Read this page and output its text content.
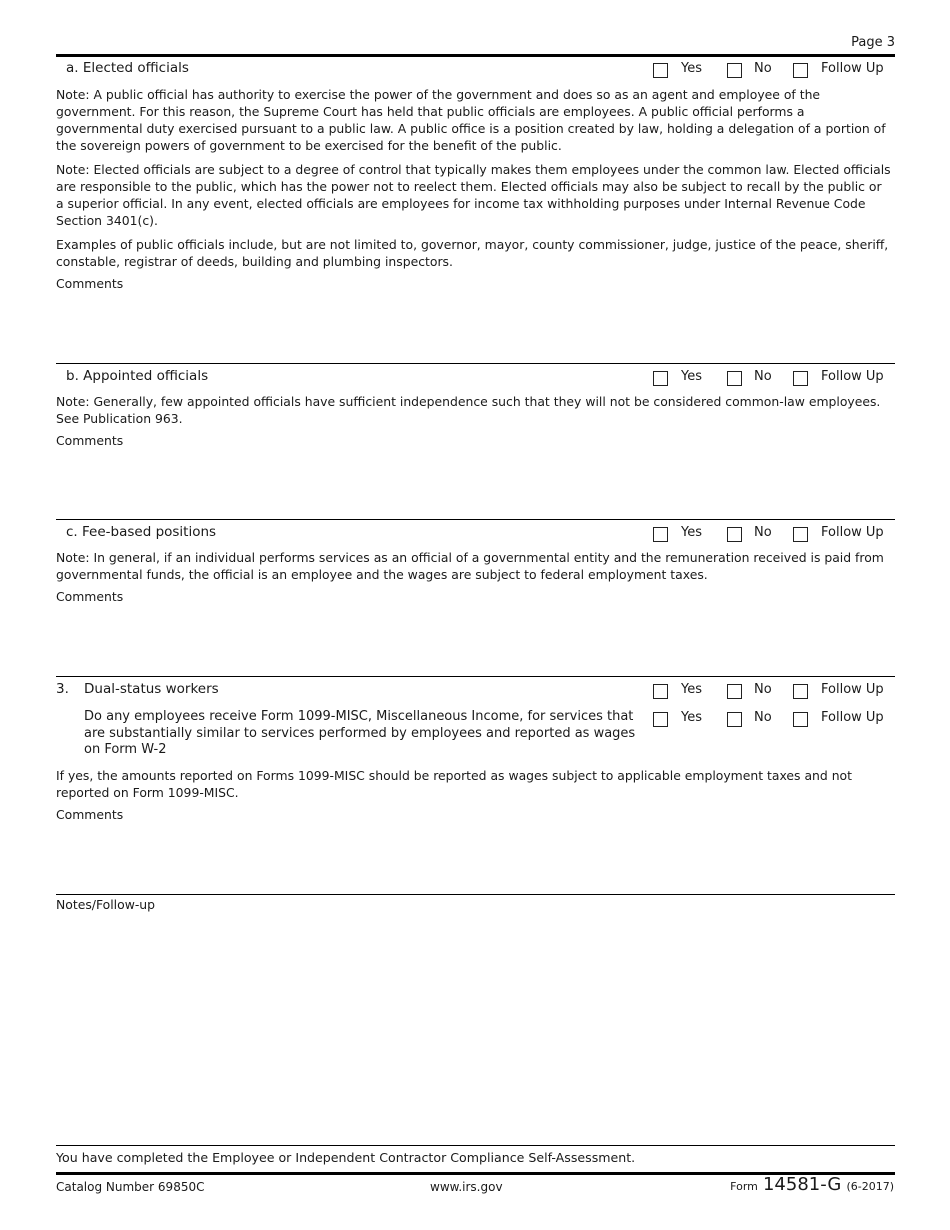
Page 3
a. Elected officials	Yes	No	Follow Up
Note: A public official has authority to exercise the power of the government and does so as an agent and employee of the government. For this reason, the Supreme Court has held that public officials are employees. A public official performs a governmental duty exercised pursuant to a public law. A public office is a position created by law, holding a delegation of a portion of the sovereign powers of government to be exercised for the benefit of the public.
Note: Elected officials are subject to a degree of control that typically makes them employees under the common law. Elected officials are responsible to the public, which has the power not to reelect them. Elected officials may also be subject to recall by the public or a superior official. In any event, elected officials are employees for income tax withholding purposes under Internal Revenue Code Section 3401(c).
Examples of public officials include, but are not limited to, governor, mayor, county commissioner, judge, justice of the peace, sheriff, constable, registrar of deeds, building and plumbing inspectors.
Comments
b. Appointed officials	Yes	No	Follow Up
Note: Generally, few appointed officials have sufficient independence such that they will not be considered common-law employees. See Publication 963.
Comments
c. Fee-based positions	Yes	No	Follow Up
Note: In general, if an individual performs services as an official of a governmental entity and the remuneration received is paid from governmental funds, the official is an employee and the wages are subject to federal employment taxes.
Comments
3. Dual-status workers	Yes	No	Follow Up
Do any employees receive Form 1099-MISC, Miscellaneous Income, for services that are substantially similar to services performed by employees and reported as wages on Form W-2
Yes	No	Follow Up
If yes, the amounts reported on Forms 1099-MISC should be reported as wages subject to applicable employment taxes and not reported on Form 1099-MISC.
Comments
Notes/Follow-up
You have completed the Employee or Independent Contractor Compliance Self-Assessment.
Catalog Number 69850C	www.irs.gov	Form 14581-G (6-2017)
